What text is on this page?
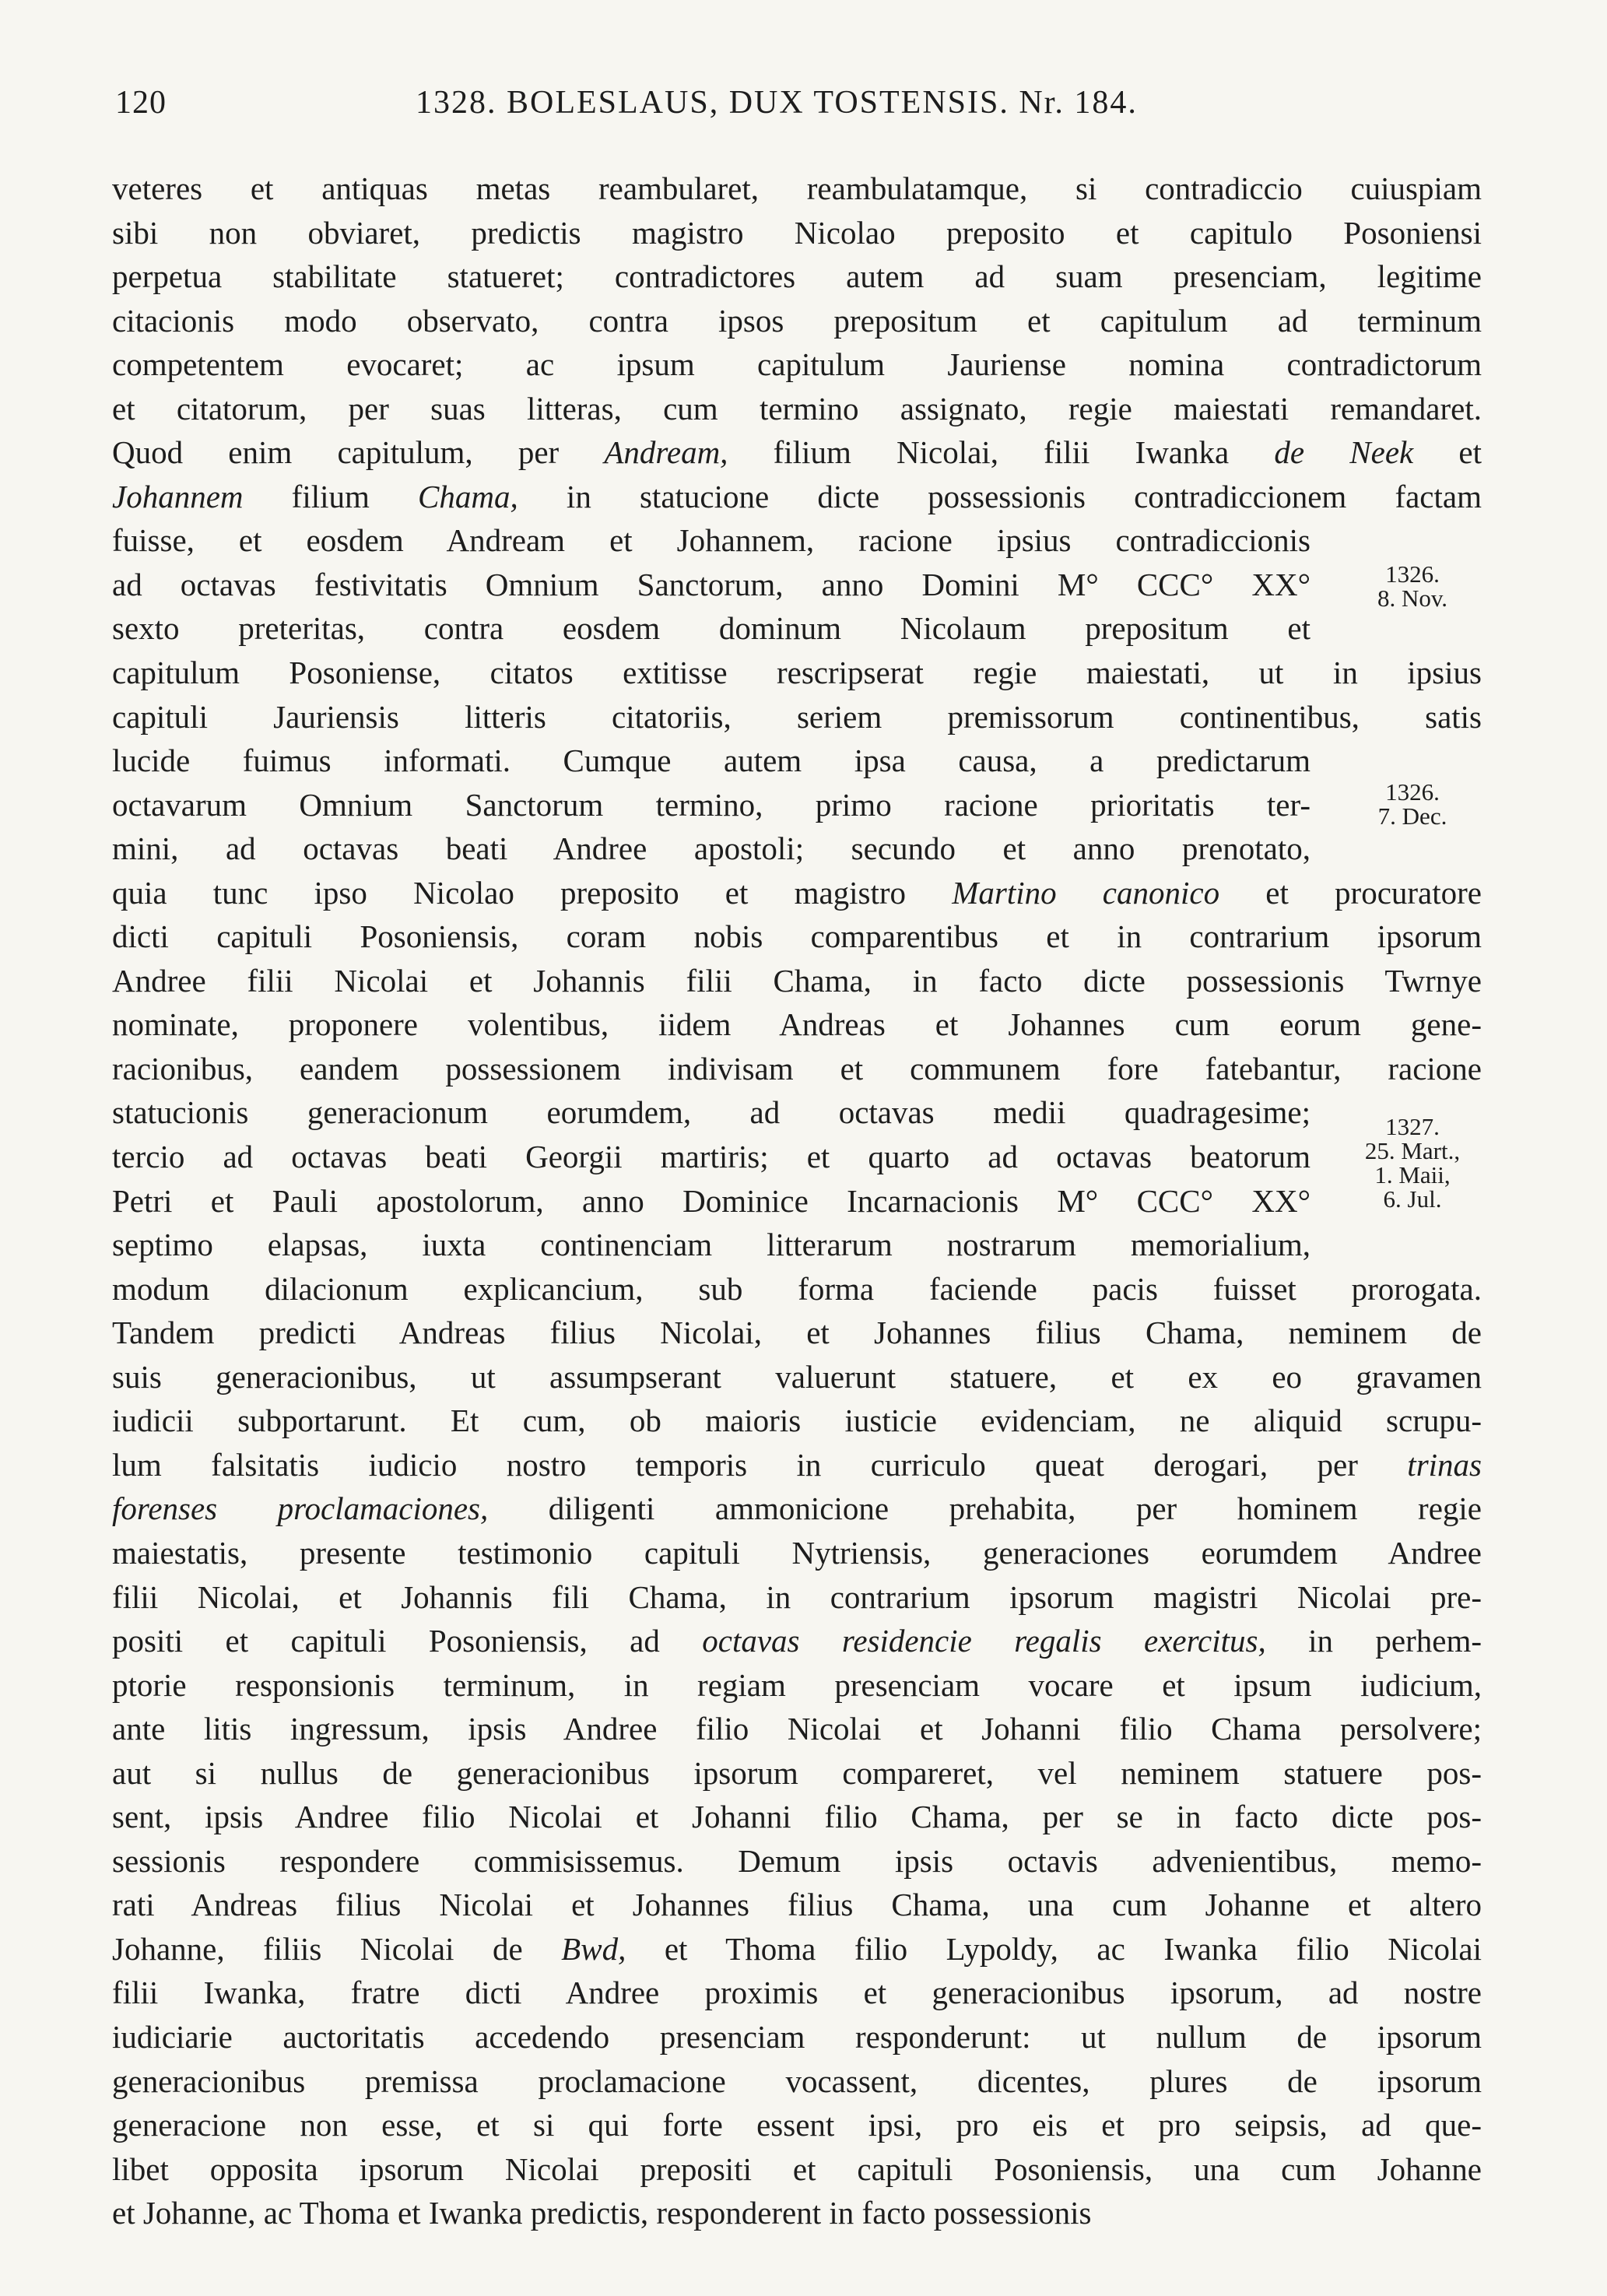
120	1328. BOLESLAUS, DUX TOSTENSIS. Nr. 184.
veteres et antiquas metas reambularet, reambulatamque, si contradiccio cuiuspiam
sibi non obviaret, predictis magistro Nicolao preposito et capitulo Posoniensi
perpetua stabilitate statueret; contradictores autem ad suam presenciam, legitime
citacionis modo observato, contra ipsos prepositum et capitulum ad terminum
competentem evocaret; ac ipsum capitulum Jauriense nomina contradictorum
et citatorum, per suas litteras, cum termino assignato, regie maiestati remandaret.
Quod enim capitulum, per Andream, filium Nicolai, filii Iwanka de Neek et
Johannem filium Chama, in statucione dicte possessionis contradiccionem factam
fuisse, et eosdem Andream et Johannem, racione ipsius contradiccionis
ad octavas festivitatis Omnium Sanctorum, anno Domini M° CCC° XX°
sexto preteritas, contra eosdem dominum Nicolaum prepositum et
capitulum Posoniense, citatos extitisse rescripserat regie maiestati, ut in ipsius
capituli Jauriensis litteris citatoriis, seriem premissorum continentibus, satis
lucide fuimus informati. Cumque autem ipsa causa, a predictarum
octavarum Omnium Sanctorum termino, primo racione prioritatis ter-
mini, ad octavas beati Andree apostoli; secundo et anno prenotato,
quia tunc ipso Nicolao preposito et magistro Martino canonico et procuratore
dicti capituli Posoniensis, coram nobis comparentibus et in contrarium ipsorum
Andree filii Nicolai et Johannis filii Chama, in facto dicte possessionis Twrnye
nominate, proponere volentibus, iidem Andreas et Johannes cum eorum gene-
racionibus, eandem possessionem indivisam et communem fore fatebantur, racione
statucionis generacionum eorumdem, ad octavas medii quadragesime;
tercio ad octavas beati Georgii martiris; et quarto ad octavas beatorum
Petri et Pauli apostolorum, anno Dominice Incarnacionis M° CCC° XX°
septimo elapsas, iuxta continenciam litterarum nostrarum memorialium,
modum dilacionum explicancium, sub forma faciende pacis fuisset prorogata.
Tandem predicti Andreas filius Nicolai, et Johannes filius Chama, neminem de
suis generacionibus, ut assumpserant valuerunt statuere, et ex eo gravamen
iudicii subportarunt. Et cum, ob maioris iusticie evidenciam, ne aliquid scrupu-
lum falsitatis iudicio nostro temporis in curriculo queat derogari, per trinas
forenses proclamaciones, diligenti ammonicione prehabita, per hominem regie
maiestatis, presente testimonio capituli Nytriensis, generaciones eorumdem Andree
filii Nicolai, et Johannis fili Chama, in contrarium ipsorum magistri Nicolai pre-
positi et capituli Posoniensis, ad octavas residencie regalis exercitus, in perhem-
ptorie responsionis terminum, in regiam presenciam vocare et ipsum iudicium,
ante litis ingressum, ipsis Andree filio Nicolai et Johanni filio Chama persolvere;
aut si nullus de generacionibus ipsorum compareret, vel neminem statuere pos-
sent, ipsis Andree filio Nicolai et Johanni filio Chama, per se in facto dicte pos-
sessionis respondere commisissemus. Demum ipsis octavis advenientibus, memo-
rati Andreas filius Nicolai et Johannes filius Chama, una cum Johanne et altero
Johanne, filiis Nicolai de Bwd, et Thoma filio Lypoldy, ac Iwanka filio Nicolai
filii Iwanka, fratre dicti Andree proximis et generacionibus ipsorum, ad nostre
iudiciarie auctoritatis accedendo presenciam responderunt: ut nullum de ipsorum
generacionibus premissa proclamacione vocassent, dicentes, plures de ipsorum
generacione non esse, et si qui forte essent ipsi, pro eis et pro seipsis, ad que-
libet opposita ipsorum Nicolai prepositi et capituli Posoniensis, una cum Johanne
et Johanne, ac Thoma et Iwanka predictis, responderent in facto possessionis
1326.
8. Nov.
1326.
7. Dec.
1327.
25. Mart.,
1. Maii,
6. Jul.
